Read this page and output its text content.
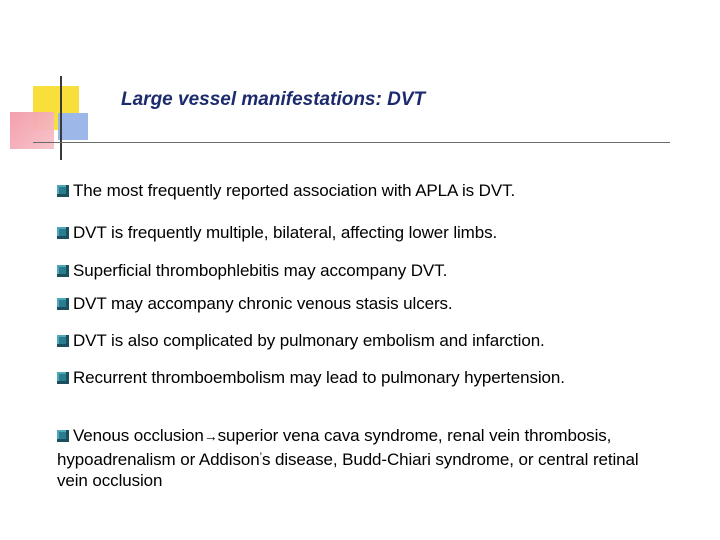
Large vessel manifestations: DVT
The most frequently reported association with APLA is DVT.
DVT is frequently multiple, bilateral, affecting lower limbs.
Superficial thrombophlebitis may accompany DVT.
DVT may accompany chronic venous stasis ulcers.
DVT is also complicated by pulmonary embolism and infarction.
Recurrent thromboembolism may lead to pulmonary hypertension.
Venous occlusion→superior vena cava syndrome, renal vein thrombosis, hypoadrenalism or Addison’s disease, Budd-Chiari syndrome, or central retinal vein occlusion
